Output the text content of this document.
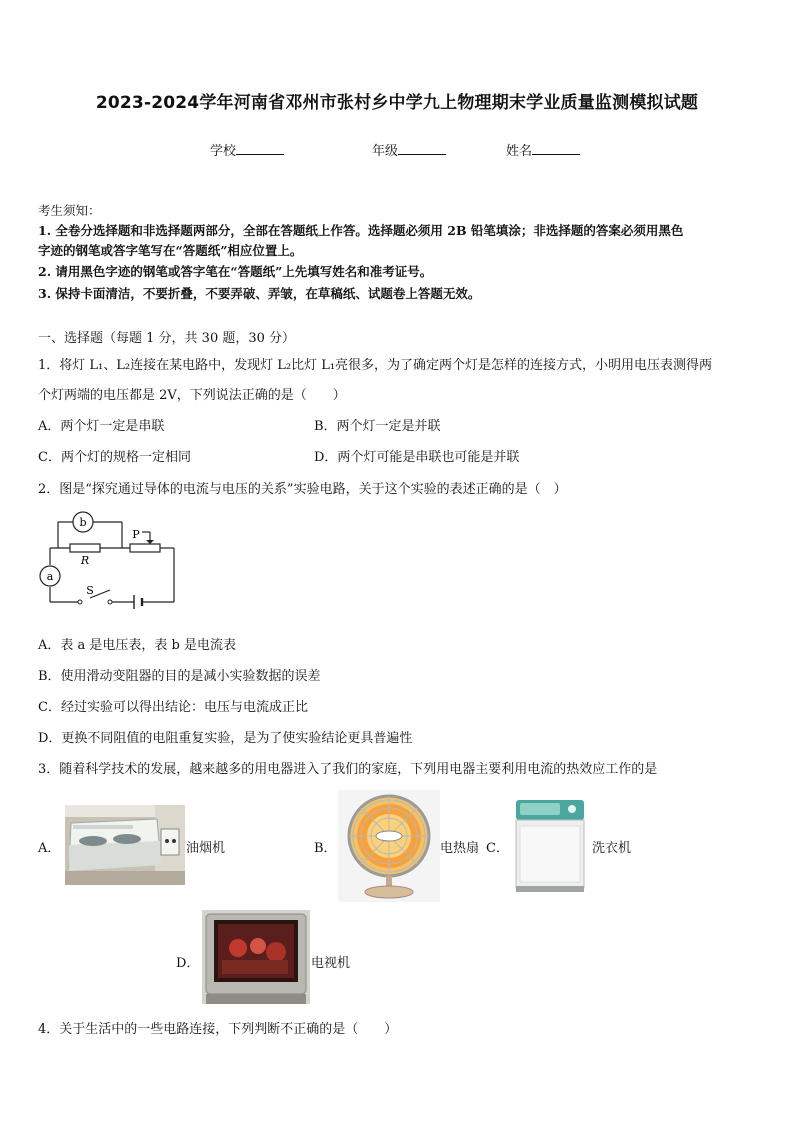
2023-2024学年河南省邓州市张村乡中学九上物理期末学业质量监测模拟试题
学校	年级	姓名
考生须知：
1. 全卷分选择题和非选择题两部分，全部在答题纸上作答。选择题必须用 2B 铅笔填涂；非选择题的答案必须用黑色
字迹的钢笔或答字笔写在“答题纸”相应位置上。
2. 请用黑色字迹的钢笔或答字笔在“答题纸”上先填写姓名和准考证号。
3. 保持卡面清洁，不要折叠，不要弄破、弄皱，在草稿纸、试题卷上答题无效。
一、选择题（每题 1 分，共 30 题，30 分）
1．将灯 L₁、L₂连接在某电路中，发现灯 L₂比灯 L₁亮很多，为了确定两个灯是怎样的连接方式，小明用电压表测得两
个灯两端的电压都是 2V，下列说法正确的是（　　）
A．两个灯一定是串联	B．两个灯一定是并联
C．两个灯的规格一定相同	D．两个灯可能是串联也可能是并联
2．图是“探究通过导体的电流与电压的关系”实验电路，关于这个实验的表述正确的是（　）
b
a
R
P
S
A．表 a 是电压表，表 b 是电流表
B．使用滑动变阻器的目的是减小实验数据的误差
C．经过实验可以得出结论：电压与电流成正比
D．更换不同阻值的电阻重复实验，是为了使实验结论更具普遍性
3．随着科学技术的发展，越来越多的用电器进入了我们的家庭，下列用电器主要利用电流的热效应工作的是
A．	油烟机	B．	电热扇 C．	洗衣机
D．	电视机
4．关于生活中的一些电路连接，下列判断不正确的是（　　）
